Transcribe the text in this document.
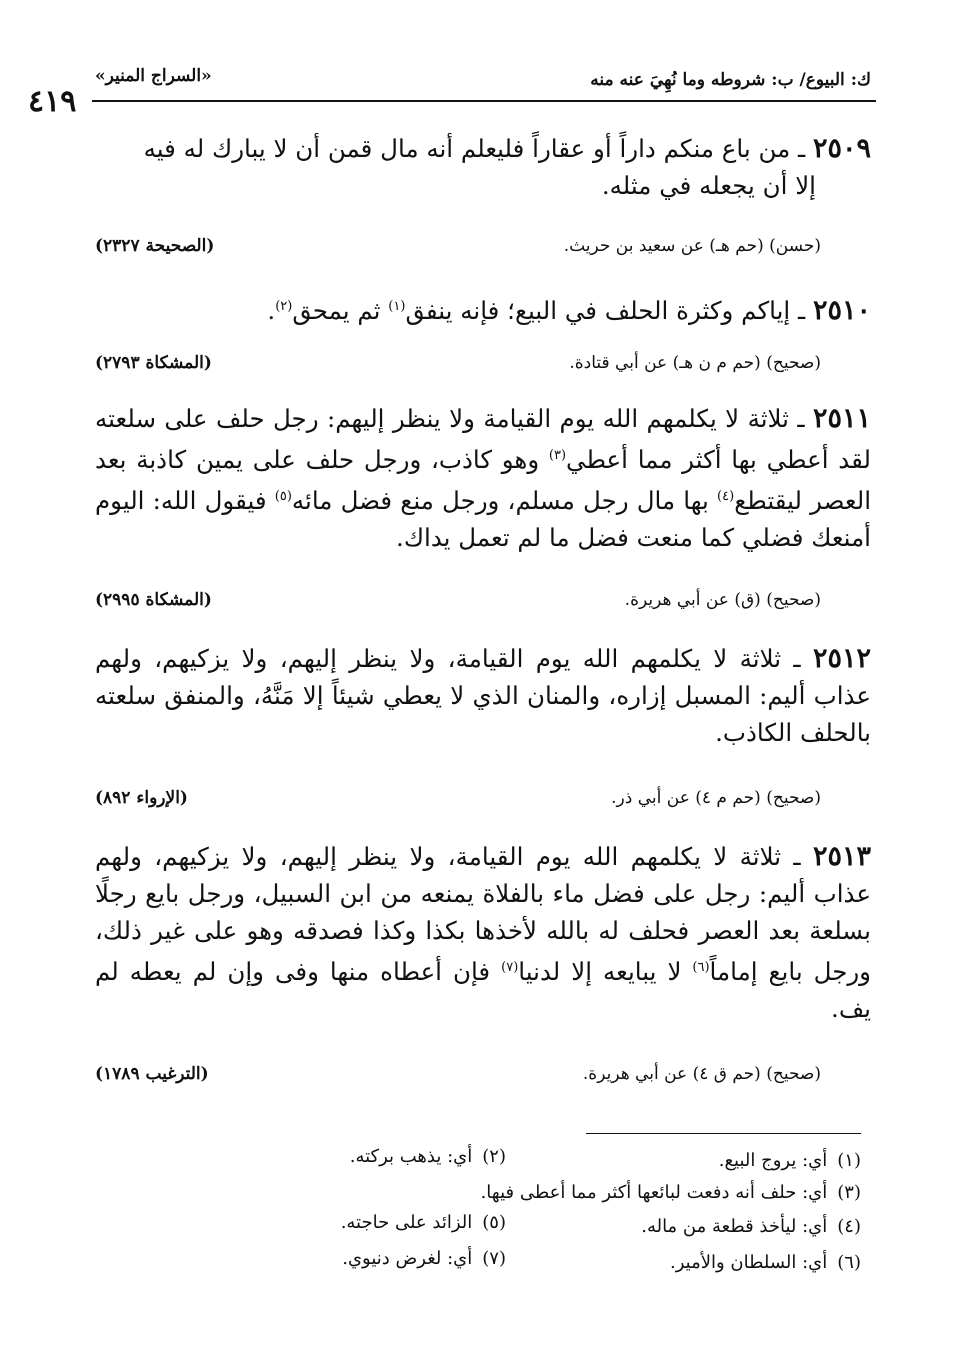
ك: البيوع/ ب: شروطه وما نُهِيَ عنه منه
«السراج المنير»
٤١٩
٢٥٠٩ ـ من باع منكم داراً أو عقاراً فليعلم أنه مال قمن أن لا يبارك له فيه
إلا أن يجعله في مثله.
(حسن) (حم هـ) عن سعيد بن حريث.
(الصحيحة ٢٣٢٧)
٢٥١٠ ـ إياكم وكثرة الحلف في البيع؛ فإنه ينفق$^{(١)}$ ثم يمحق$^{(٢)}$.
(صحيح) (حم م ن هـ) عن أبي قتادة.
(المشكاة ٢٧٩٣)
٢٥١١ ـ ثلاثة لا يكلمهم الله يوم القيامة ولا ينظر إليهم: رجل حلف على سلعته لقد أعطي بها أكثر مما أعطي$^{(٣)}$ وهو كاذب، ورجل حلف على يمين كاذبة بعد العصر ليقتطع$^{(٤)}$ بها مال رجل مسلم، ورجل منع فضل مائه$^{(٥)}$ فيقول الله: اليوم أمنعك فضلي كما منعت فضل ما لم تعمل يداك.
(صحيح) (ق) عن أبي هريرة.
(المشكاة ٢٩٩٥)
٢٥١٢ ـ ثلاثة لا يكلمهم الله يوم القيامة، ولا ينظر إليهم، ولا يزكيهم، ولهم عذاب أليم: المسبل إزاره، والمنان الذي لا يعطي شيئاً إلا مَنَّهُ، والمنفق سلعته بالحلف الكاذب.
(صحيح) (حم م ٤) عن أبي ذر.
(الإرواء ٨٩٢)
٢٥١٣ ـ ثلاثة لا يكلمهم الله يوم القيامة، ولا ينظر إليهم، ولا يزكيهم، ولهم عذاب أليم: رجل على فضل ماء بالفلاة يمنعه من ابن السبيل، ورجل بايع رجلًا بسلعة بعد العصر فحلف له بالله لأخذها بكذا وكذا فصدقه وهو على غير ذلك، ورجل بايع إماماً$^{(٦)}$ لا يبايعه إلا لدنيا$^{(٧)}$ فإن أعطاه منها وفى وإن لم يعطه لم يف.
(صحيح) (حم ق ٤) عن أبي هريرة.
(الترغيب ١٧٨٩)
(١)أي: يروج البيع.
(٢)أي: يذهب بركته.
(٣)أي: حلف أنه دفعت لبائعها أكثر مما أعطى فيها.
(٤)أي: ليأخذ قطعة من ماله.
(٥)الزائد على حاجته.
(٦)أي: السلطان والأمير.
(٧)أي: لغرض دنيوي.
